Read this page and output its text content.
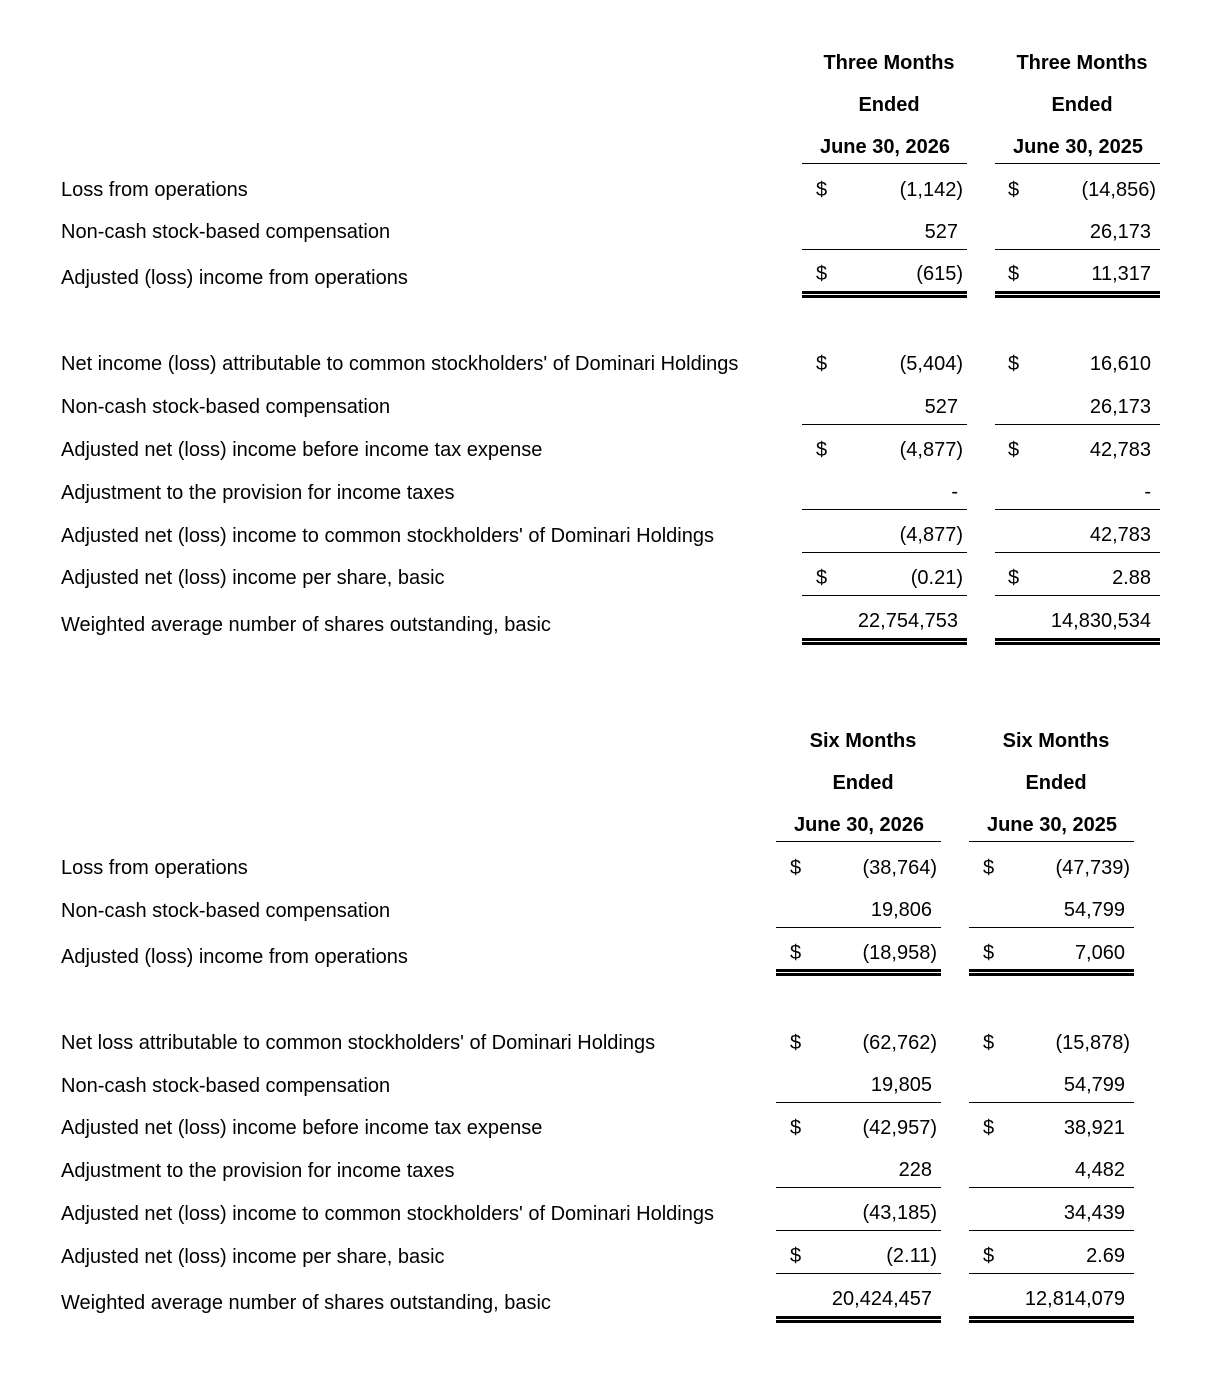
Three Months
Ended
June 30, 2026
Three Months
Ended
June 30, 2025
Loss from operations	$	(1,142) $	(14,856)
Non-cash stock-based compensation	527	26,173
Adjusted (loss) income from operations	$	(615) $	11,317
Net income (loss) attributable to common stockholders' of Dominari Holdings	$	(5,404) $	16,610
Non-cash stock-based compensation	527	26,173
Adjusted net (loss) income before income tax expense	$	(4,877) $	42,783
Adjustment to the provision for income taxes	-	-
Adjusted net (loss) income to common stockholders' of Dominari Holdings	(4,877)	42,783
Adjusted net (loss) income per share, basic	$	(0.21) $	2.88
Weighted average number of shares outstanding, basic	22,754,753	14,830,534
Six Months
Ended
June 30, 2026
Six Months
Ended
June 30, 2025
Loss from operations	$	(38,764) $	(47,739)
Non-cash stock-based compensation	19,806	54,799
Adjusted (loss) income from operations	$	(18,958) $	7,060
Net loss attributable to common stockholders' of Dominari Holdings	$	(62,762) $	(15,878)
Non-cash stock-based compensation	19,805	54,799
Adjusted net (loss) income before income tax expense	$	(42,957) $	38,921
Adjustment to the provision for income taxes	228	4,482
Adjusted net (loss) income to common stockholders' of Dominari Holdings	(43,185)	34,439
Adjusted net (loss) income per share, basic	$	(2.11) $	2.69
Weighted average number of shares outstanding, basic	20,424,457	12,814,079
